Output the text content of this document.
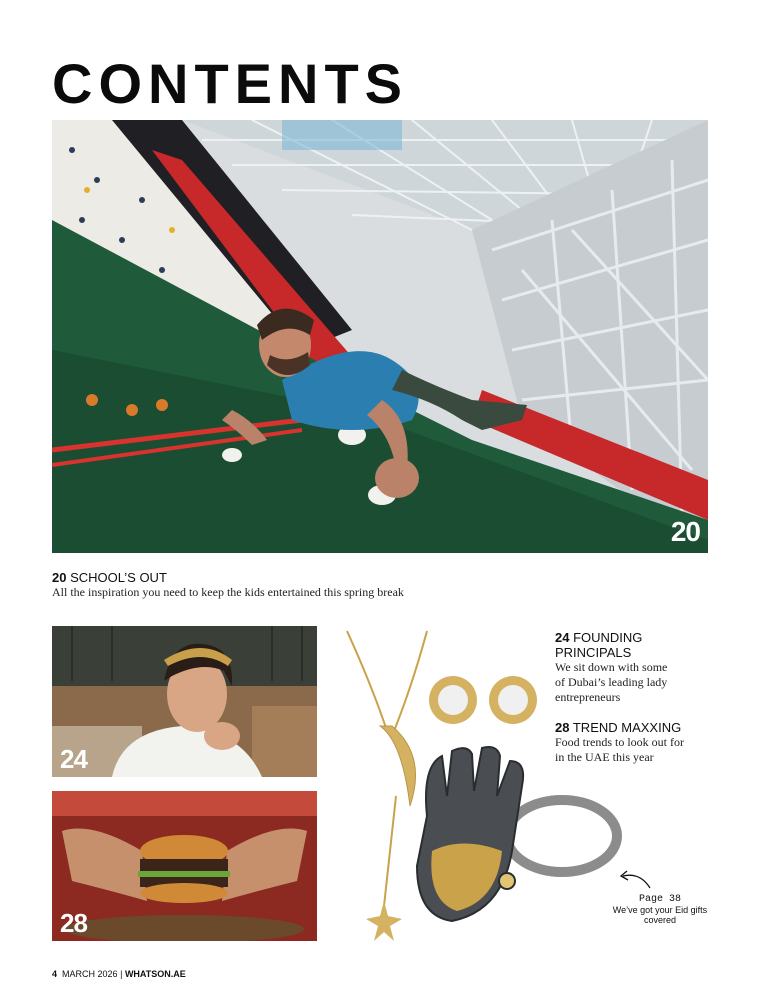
CONTENTS
20
20 SCHOOL’S OUT
All the inspiration you need to keep the kids entertained this spring break
24
28
24 FOUNDING
PRINCIPALS
We sit down with some
of Dubai’s leading lady
entrepreneurs
28 TREND MAXXING
Food trends to look out for
in the UAE this year
Page 38
We’ve got your Eid gifts
covered
4 MARCH 2026 | WHATSON.AE
